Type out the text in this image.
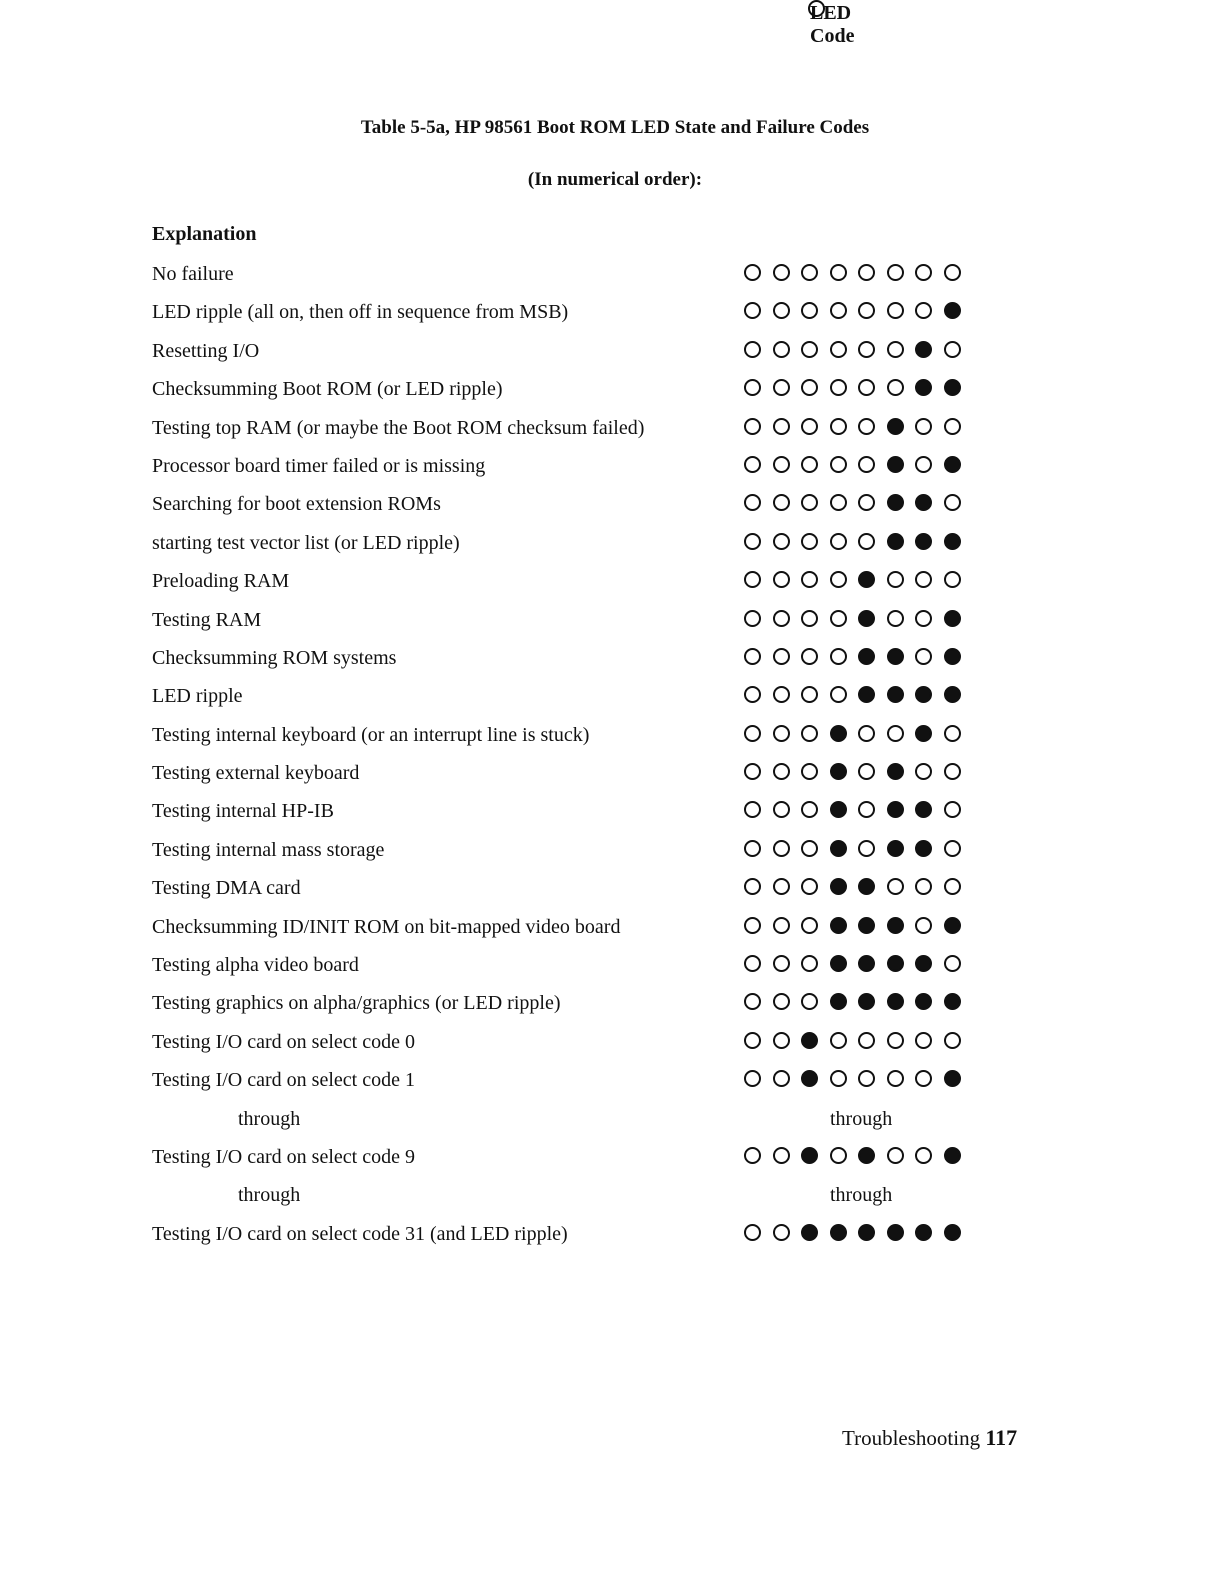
Table 5-5a, HP 98561 Boot ROM LED State and Failure Codes
(In numerical order):
Explanation
LED Code
No failure
LED ripple (all on, then off in sequence from MSB)
Resetting I/O
Checksumming Boot ROM (or LED ripple)
Testing top RAM (or maybe the Boot ROM checksum failed)
Processor board timer failed or is missing
Searching for boot extension ROMs
starting test vector list (or LED ripple)
Preloading RAM
Testing RAM
Checksumming ROM systems
LED ripple
Testing internal keyboard (or an interrupt line is stuck)
Testing external keyboard
Testing internal HP-IB
Testing internal mass storage
Testing DMA card
Checksumming ID/INIT ROM on bit-mapped video board
Testing alpha video board
Testing graphics on alpha/graphics (or LED ripple)
Testing I/O card on select code 0
Testing I/O card on select code 1
through	through
Testing I/O card on select code 9
through	through
Testing I/O card on select code 31 (and LED ripple)
Troubleshooting 117
